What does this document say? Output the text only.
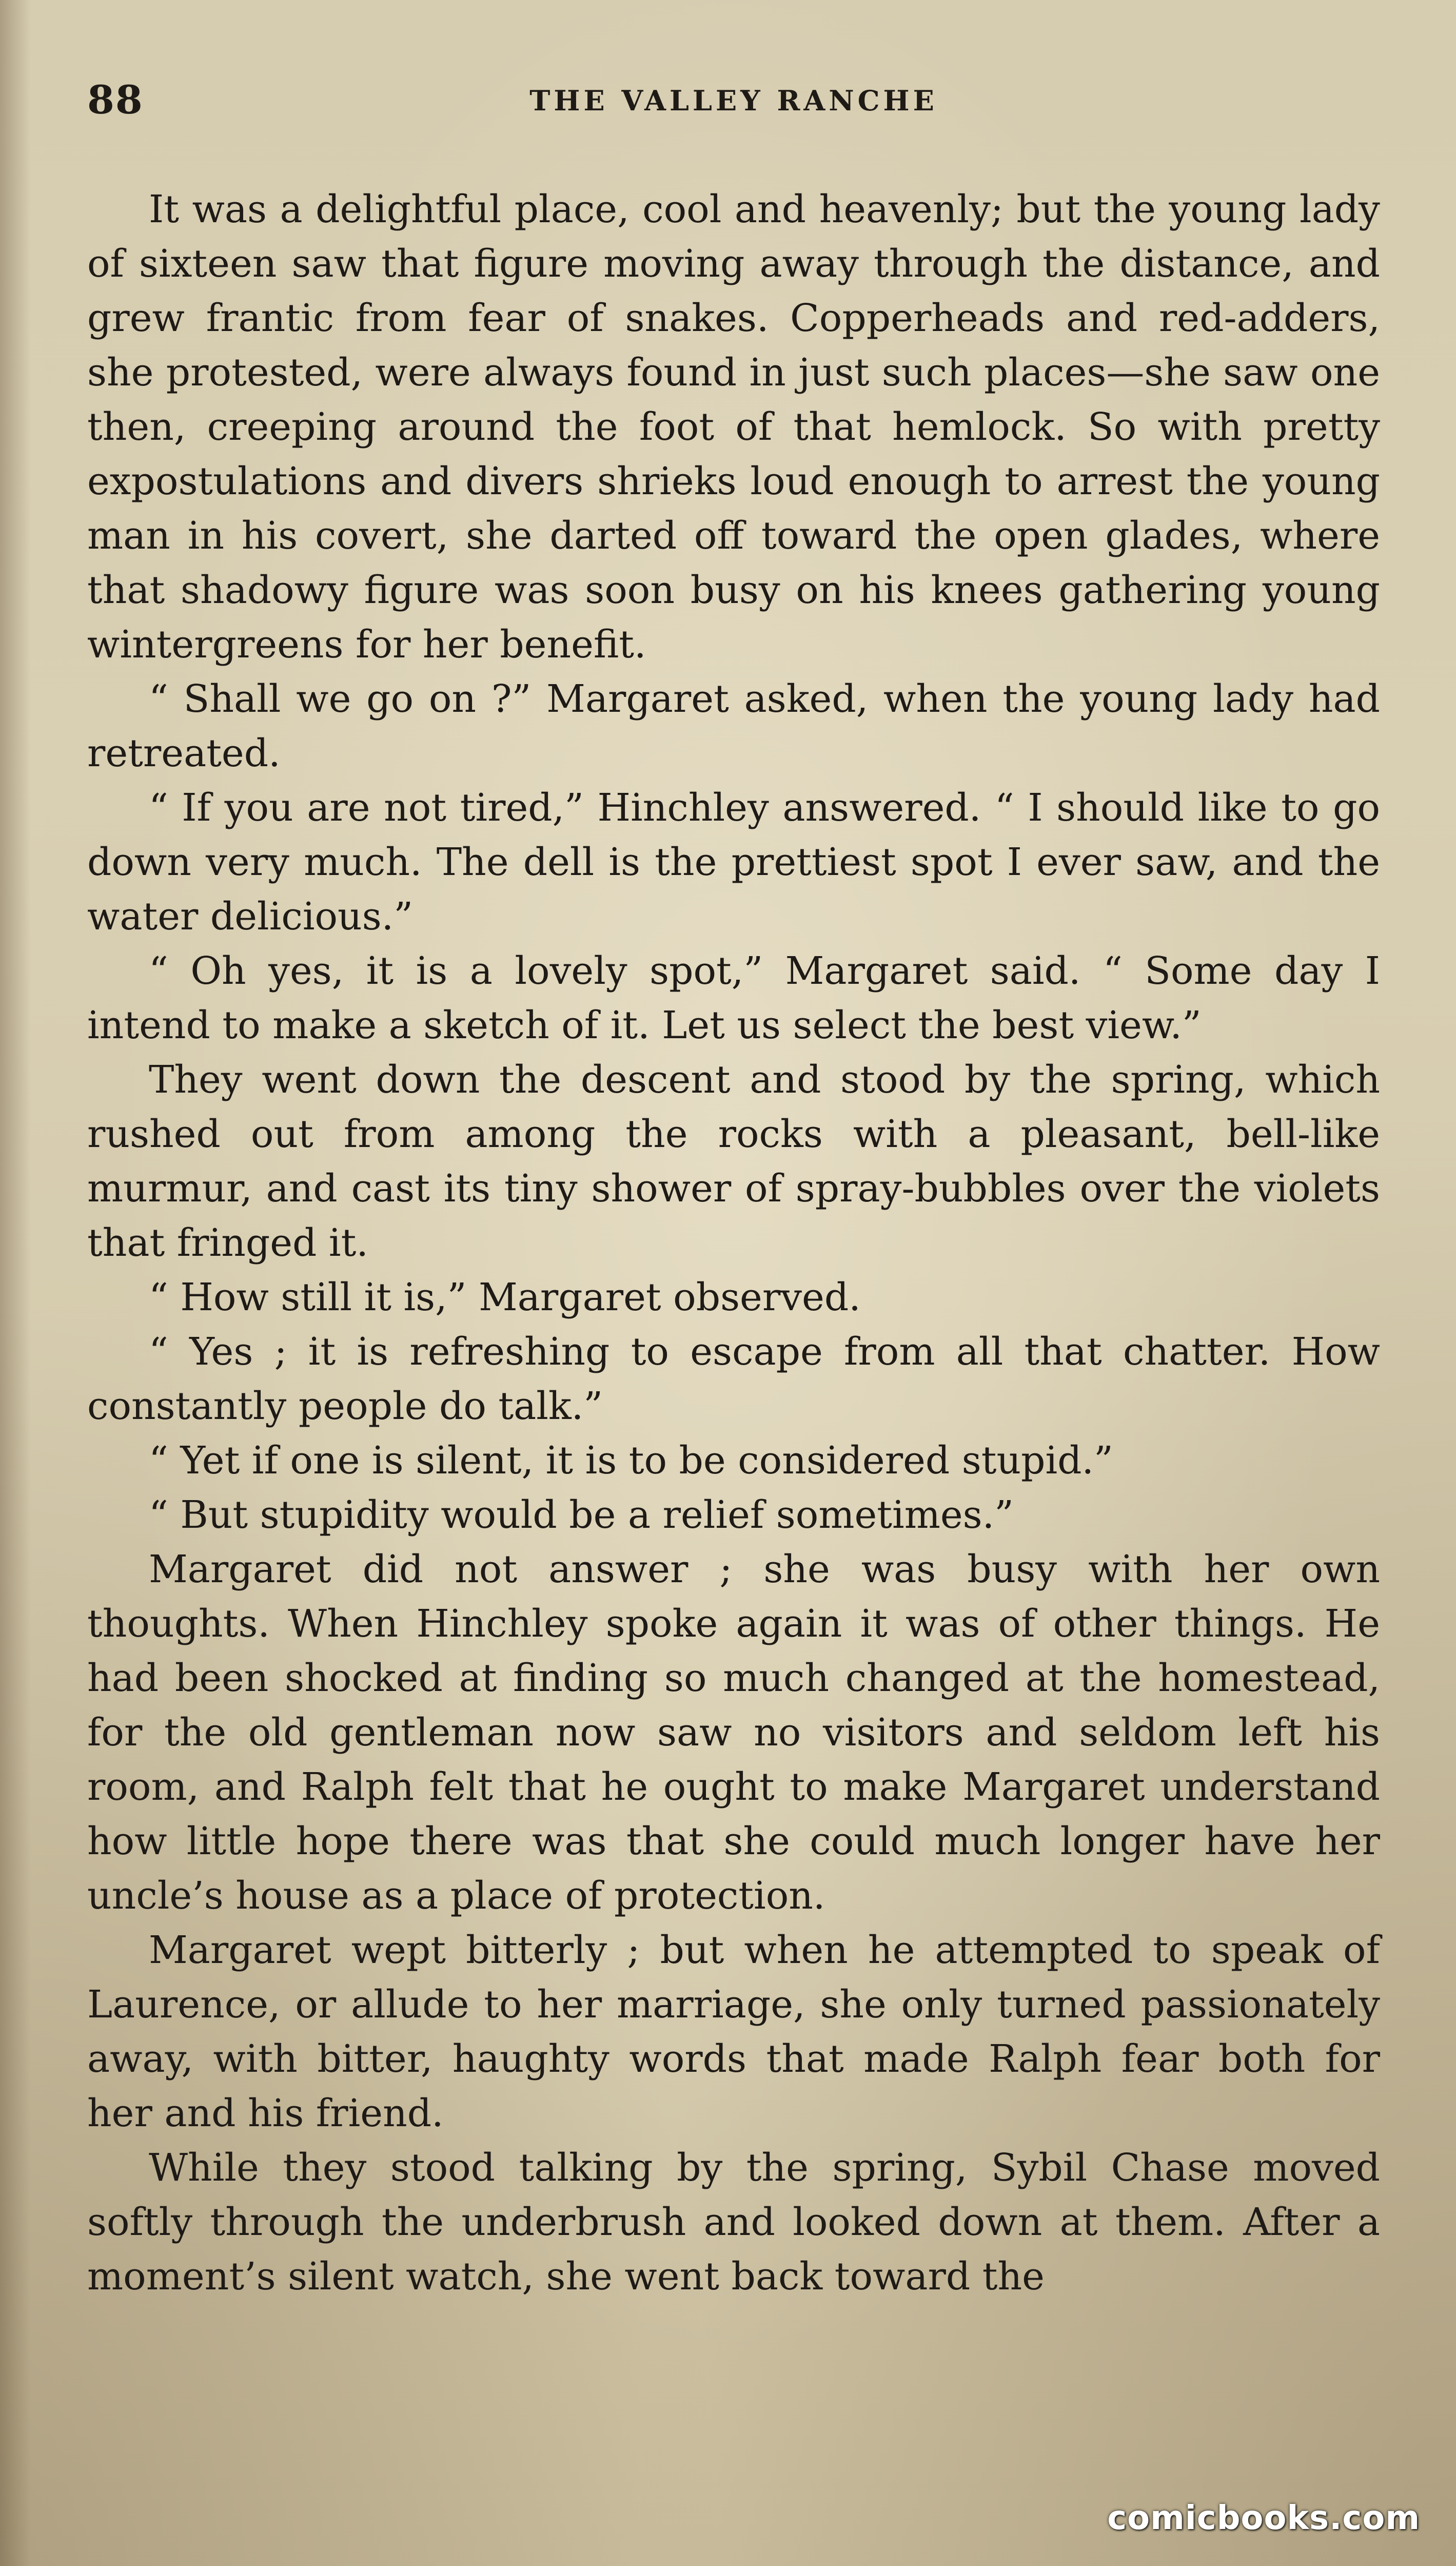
88	THE VALLEY RANCHE

It was a delightful place, cool and heavenly; but the young lady of sixteen saw that figure moving away through the distance, and grew frantic from fear of snakes. Copperheads and red-adders, she protested, were always found in just such places—she saw one then, creeping around the foot of that hemlock. So with pretty expostulations and divers shrieks loud enough to arrest the young man in his covert, she darted off toward the open glades, where that shadowy figure was soon busy on his knees gathering young wintergreens for her benefit.

“ Shall we go on ?” Margaret asked, when the young lady had retreated.

“ If you are not tired,” Hinchley answered. “ I should like to go down very much. The dell is the prettiest spot I ever saw, and the water delicious.”

“ Oh yes, it is a lovely spot,” Margaret said. “ Some day I intend to make a sketch of it. Let us select the best view.”

They went down the descent and stood by the spring, which rushed out from among the rocks with a pleasant, bell-like murmur, and cast its tiny shower of spray-bubbles over the violets that fringed it.

“ How still it is,” Margaret observed.

“ Yes ; it is refreshing to escape from all that chatter. How constantly people do talk.”

“ Yet if one is silent, it is to be considered stupid.”

“ But stupidity would be a relief sometimes.”

Margaret did not answer ; she was busy with her own thoughts. When Hinchley spoke again it was of other things. He had been shocked at finding so much changed at the homestead, for the old gentleman now saw no visitors and seldom left his room, and Ralph felt that he ought to make Margaret understand how little hope there was that she could much longer have her uncle’s house as a place of protection.

Margaret wept bitterly ; but when he attempted to speak of Laurence, or allude to her marriage, she only turned passionately away, with bitter, haughty words that made Ralph fear both for her and his friend.

While they stood talking by the spring, Sybil Chase moved softly through the underbrush and looked down at them. After a moment’s silent watch, she went back toward the

comicbooks.com
